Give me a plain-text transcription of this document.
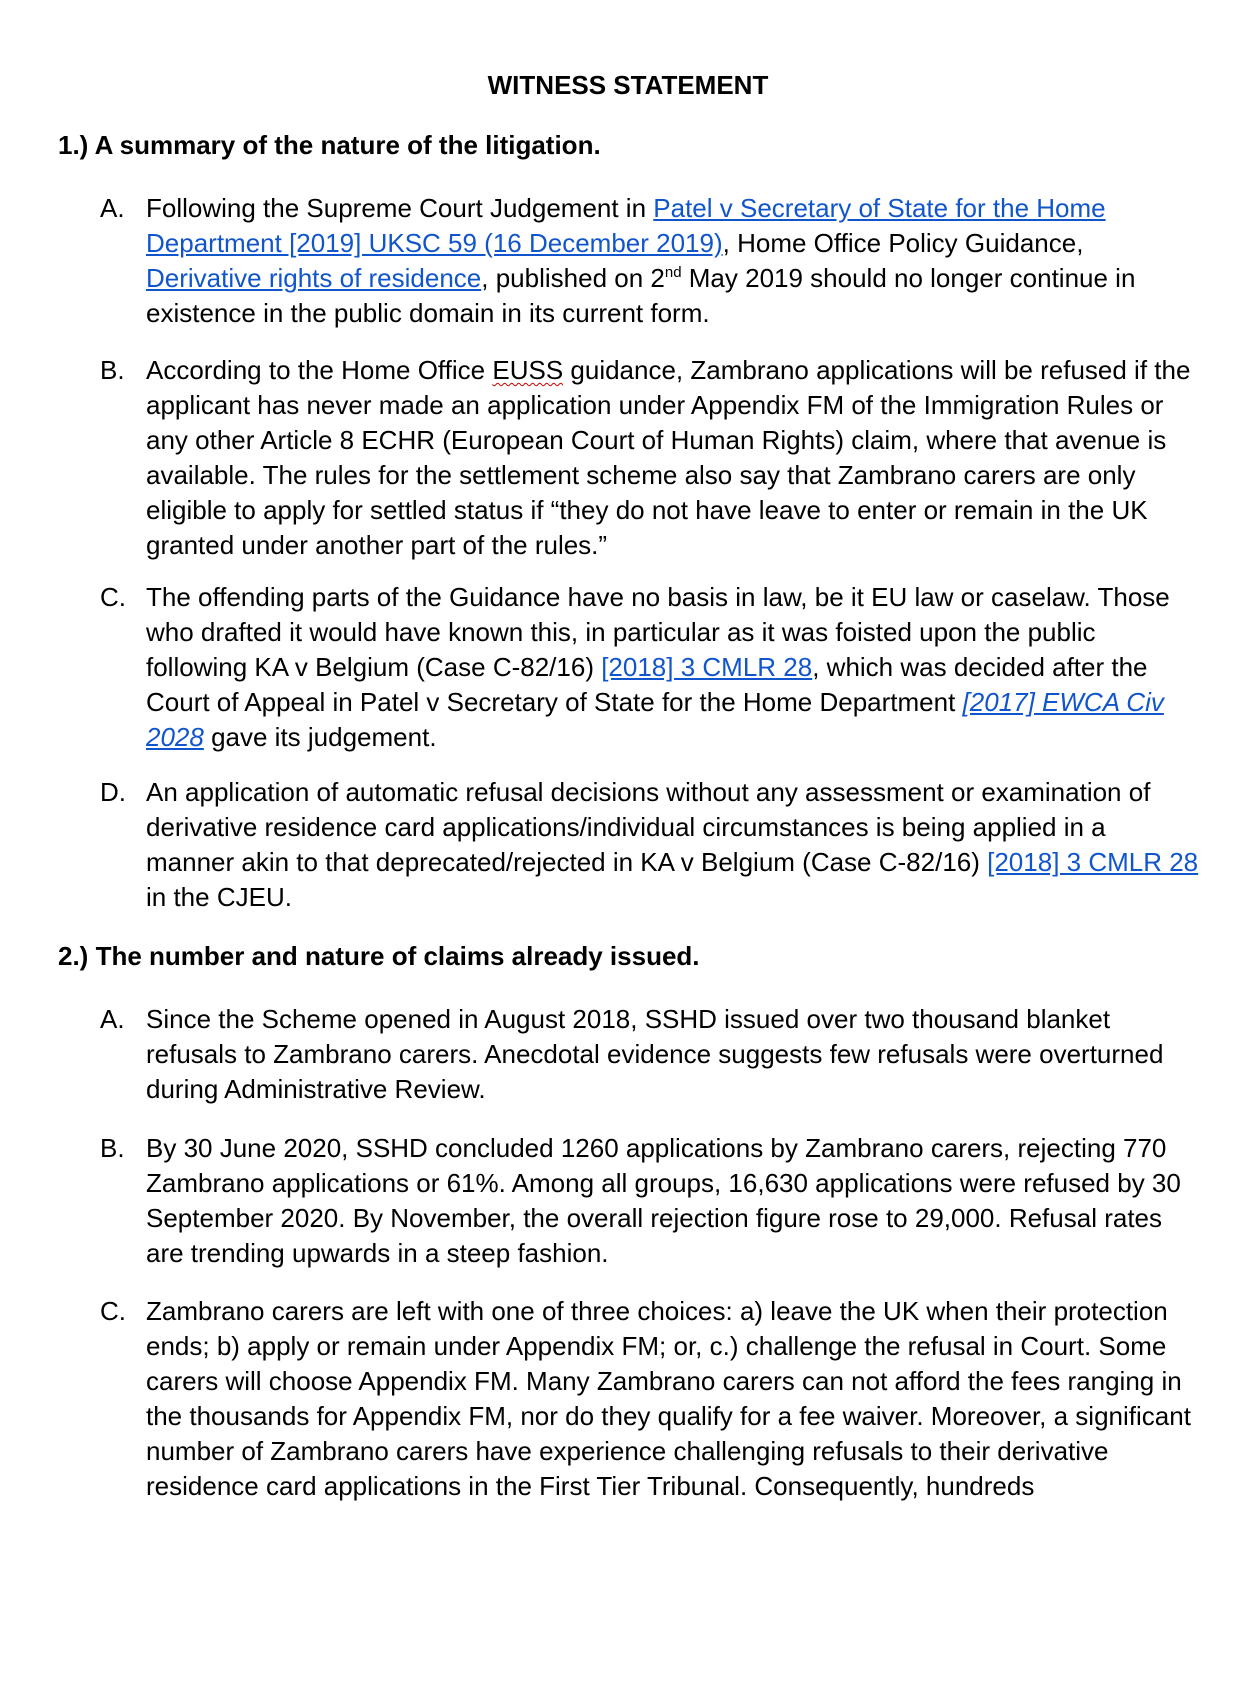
WITNESS STATEMENT
1.) A summary of the nature of the litigation.
A. Following the Supreme Court Judgement in Patel v Secretary of State for the Home Department [2019] UKSC 59 (16 December 2019), Home Office Policy Guidance, Derivative rights of residence, published on 2nd May 2019 should no longer continue in existence in the public domain in its current form.
B. According to the Home Office EUSS guidance, Zambrano applications will be refused if the applicant has never made an application under Appendix FM of the Immigration Rules or any other Article 8 ECHR (European Court of Human Rights) claim, where that avenue is available. The rules for the settlement scheme also say that Zambrano carers are only eligible to apply for settled status if “they do not have leave to enter or remain in the UK granted under another part of the rules.”
C. The offending parts of the Guidance have no basis in law, be it EU law or caselaw. Those who drafted it would have known this, in particular as it was foisted upon the public following KA v Belgium (Case C-82/16) [2018] 3 CMLR 28, which was decided after the Court of Appeal in Patel v Secretary of State for the Home Department [2017] EWCA Civ 2028 gave its judgement.
D. An application of automatic refusal decisions without any assessment or examination of derivative residence card applications/individual circumstances is being applied in a manner akin to that deprecated/rejected in KA v Belgium (Case C-82/16) [2018] 3 CMLR 28 in the CJEU.
2.) The number and nature of claims already issued.
A. Since the Scheme opened in August 2018, SSHD issued over two thousand blanket refusals to Zambrano carers. Anecdotal evidence suggests few refusals were overturned during Administrative Review.
B. By 30 June 2020, SSHD concluded 1260 applications by Zambrano carers, rejecting 770 Zambrano applications or 61%. Among all groups, 16,630 applications were refused by 30 September 2020. By November, the overall rejection figure rose to 29,000. Refusal rates are trending upwards in a steep fashion.
C. Zambrano carers are left with one of three choices: a) leave the UK when their protection ends; b) apply or remain under Appendix FM; or, c.) challenge the refusal in Court. Some carers will choose Appendix FM. Many Zambrano carers can not afford the fees ranging in the thousands for Appendix FM, nor do they qualify for a fee waiver. Moreover, a significant number of Zambrano carers have experience challenging refusals to their derivative residence card applications in the First Tier Tribunal. Consequently, hundreds
